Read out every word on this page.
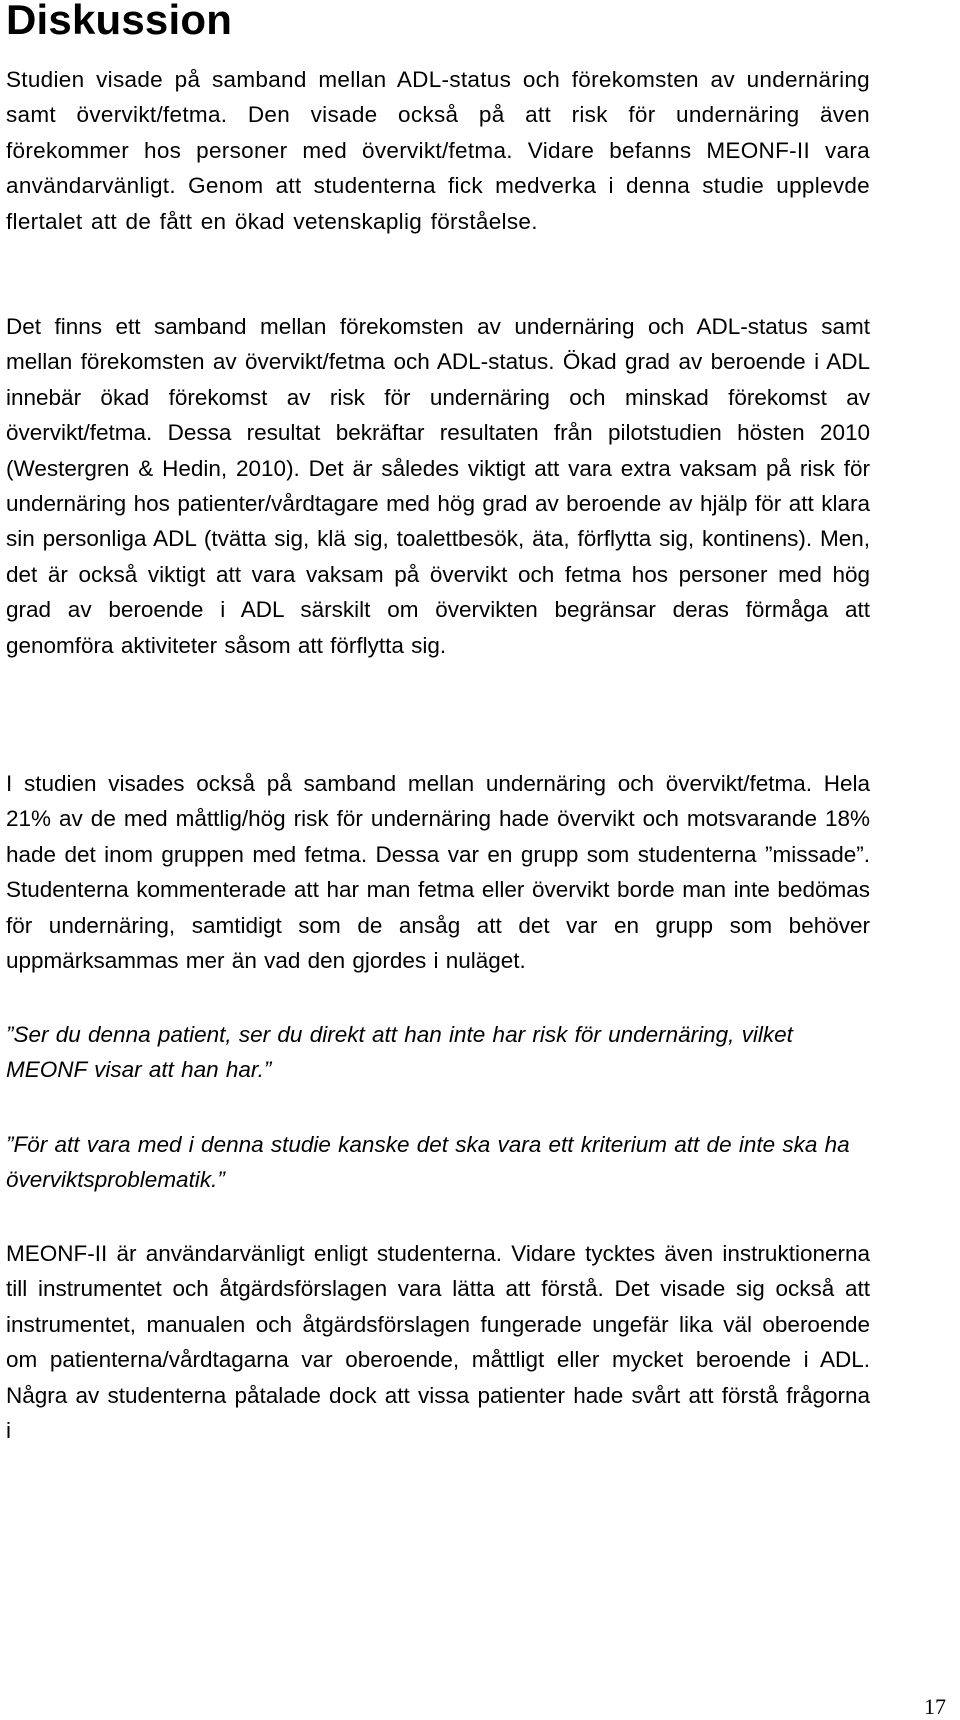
Diskussion

Studien visade på samband mellan ADL-status och förekomsten av undernäring samt övervikt/fetma. Den visade också på att risk för undernäring även förekommer hos personer med övervikt/fetma. Vidare befanns MEONF-II vara användarvänligt. Genom att studenterna fick medverka i denna studie upplevde flertalet att de fått en ökad vetenskaplig förståelse.

Det finns ett samband mellan förekomsten av undernäring och ADL-status samt mellan förekomsten av övervikt/fetma och ADL-status. Ökad grad av beroende i ADL innebär ökad förekomst av risk för undernäring och minskad förekomst av övervikt/fetma. Dessa resultat bekräftar resultaten från pilotstudien hösten 2010 (Westergren & Hedin, 2010). Det är således viktigt att vara extra vaksam på risk för undernäring hos patienter/vårdtagare med hög grad av beroende av hjälp för att klara sin personliga ADL (tvätta sig, klä sig, toalettbesök, äta, förflytta sig, kontinens). Men, det är också viktigt att vara vaksam på övervikt och fetma hos personer med hög grad av beroende i ADL särskilt om övervikten begränsar deras förmåga att genomföra aktiviteter såsom att förflytta sig.

I studien visades också på samband mellan undernäring och övervikt/fetma. Hela 21% av de med måttlig/hög risk för undernäring hade övervikt och motsvarande 18% hade det inom gruppen med fetma. Dessa var en grupp som studenterna ”missade”. Studenterna kommenterade att har man fetma eller övervikt borde man inte bedömas för undernäring, samtidigt som de ansåg att det var en grupp som behöver uppmärksammas mer än vad den gjordes i nuläget.

”Ser du denna patient, ser du direkt att han inte har risk för undernäring, vilket MEONF visar att han har.”

”För att vara med i denna studie kanske det ska vara ett kriterium att de inte ska ha överviktsproblematik.”

MEONF-II är användarvänligt enligt studenterna. Vidare tycktes även instruktionerna till instrumentet och åtgärdsförslagen vara lätta att förstå. Det visade sig också att instrumentet, manualen och åtgärdsförslagen fungerade ungefär lika väl oberoende om patienterna/vårdtagarna var oberoende, måttligt eller mycket beroende i ADL. Några av studenterna påtalade dock att vissa patienter hade svårt att förstå frågorna i

17
